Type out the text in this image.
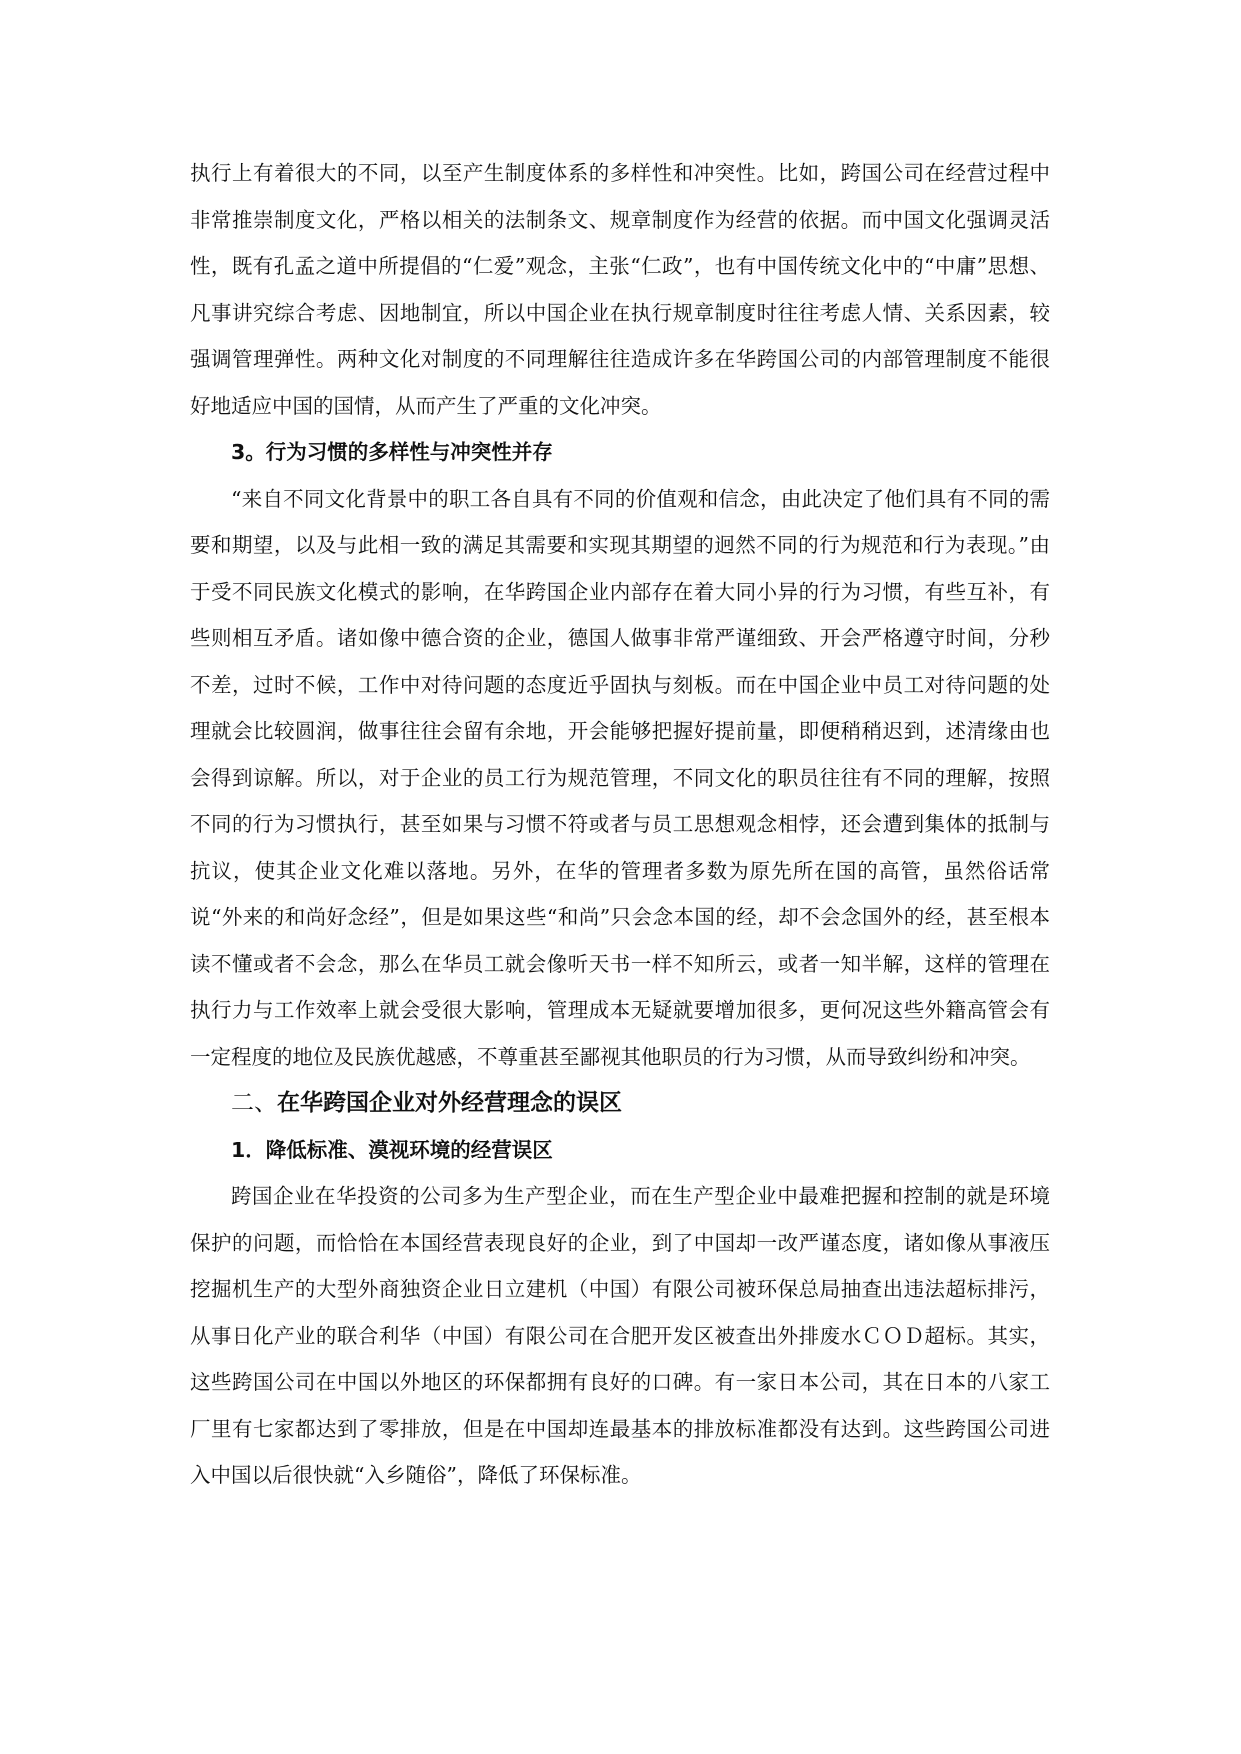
执行上有着很大的不同，以至产生制度体系的多样性和冲突性。比如，跨国公司在经营过程中非常推崇制度文化，严格以相关的法制条文、规章制度作为经营的依据。而中国文化强调灵活性，既有孔孟之道中所提倡的“仁爱”观念，主张“仁政”，也有中国传统文化中的“中庸”思想、凡事讲究综合考虑、因地制宜，所以中国企业在执行规章制度时往往考虑人情、关系因素，较强调管理弹性。两种文化对制度的不同理解往往造成许多在华跨国公司的内部管理制度不能很好地适应中国的国情，从而产生了严重的文化冲突。

3。行为习惯的多样性与冲突性并存

“来自不同文化背景中的职工各自具有不同的价值观和信念，由此决定了他们具有不同的需要和期望，以及与此相一致的满足其需要和实现其期望的迥然不同的行为规范和行为表现。”由于受不同民族文化模式的影响，在华跨国企业内部存在着大同小异的行为习惯，有些互补，有些则相互矛盾。诸如像中德合资的企业，德国人做事非常严谨细致、开会严格遵守时间，分秒不差，过时不候，工作中对待问题的态度近乎固执与刻板。而在中国企业中员工对待问题的处理就会比较圆润，做事往往会留有余地，开会能够把握好提前量，即便稍稍迟到，述清缘由也会得到谅解。所以，对于企业的员工行为规范管理，不同文化的职员往往有不同的理解，按照不同的行为习惯执行，甚至如果与习惯不符或者与员工思想观念相悖，还会遭到集体的抵制与抗议，使其企业文化难以落地。另外，在华的管理者多数为原先所在国的高管，虽然俗话常说“外来的和尚好念经”，但是如果这些“和尚”只会念本国的经，却不会念国外的经，甚至根本读不懂或者不会念，那么在华员工就会像听天书一样不知所云，或者一知半解，这样的管理在执行力与工作效率上就会受很大影响，管理成本无疑就要增加很多，更何况这些外籍高管会有一定程度的地位及民族优越感，不尊重甚至鄙视其他职员的行为习惯，从而导致纠纷和冲突。

二、在华跨国企业对外经营理念的误区

1．降低标准、漠视环境的经营误区

跨国企业在华投资的公司多为生产型企业，而在生产型企业中最难把握和控制的就是环境保护的问题，而恰恰在本国经营表现良好的企业，到了中国却一改严谨态度，诸如像从事液压挖掘机生产的大型外商独资企业日立建机（中国）有限公司被环保总局抽查出违法超标排污，从事日化产业的联合利华（中国）有限公司在合肥开发区被查出外排废水ＣＯＤ超标。其实，这些跨国公司在中国以外地区的环保都拥有良好的口碑。有一家日本公司，其在日本的八家工厂里有七家都达到了零排放，但是在中国却连最基本的排放标准都没有达到。这些跨国公司进入中国以后很快就“入乡随俗”，降低了环保标准。
